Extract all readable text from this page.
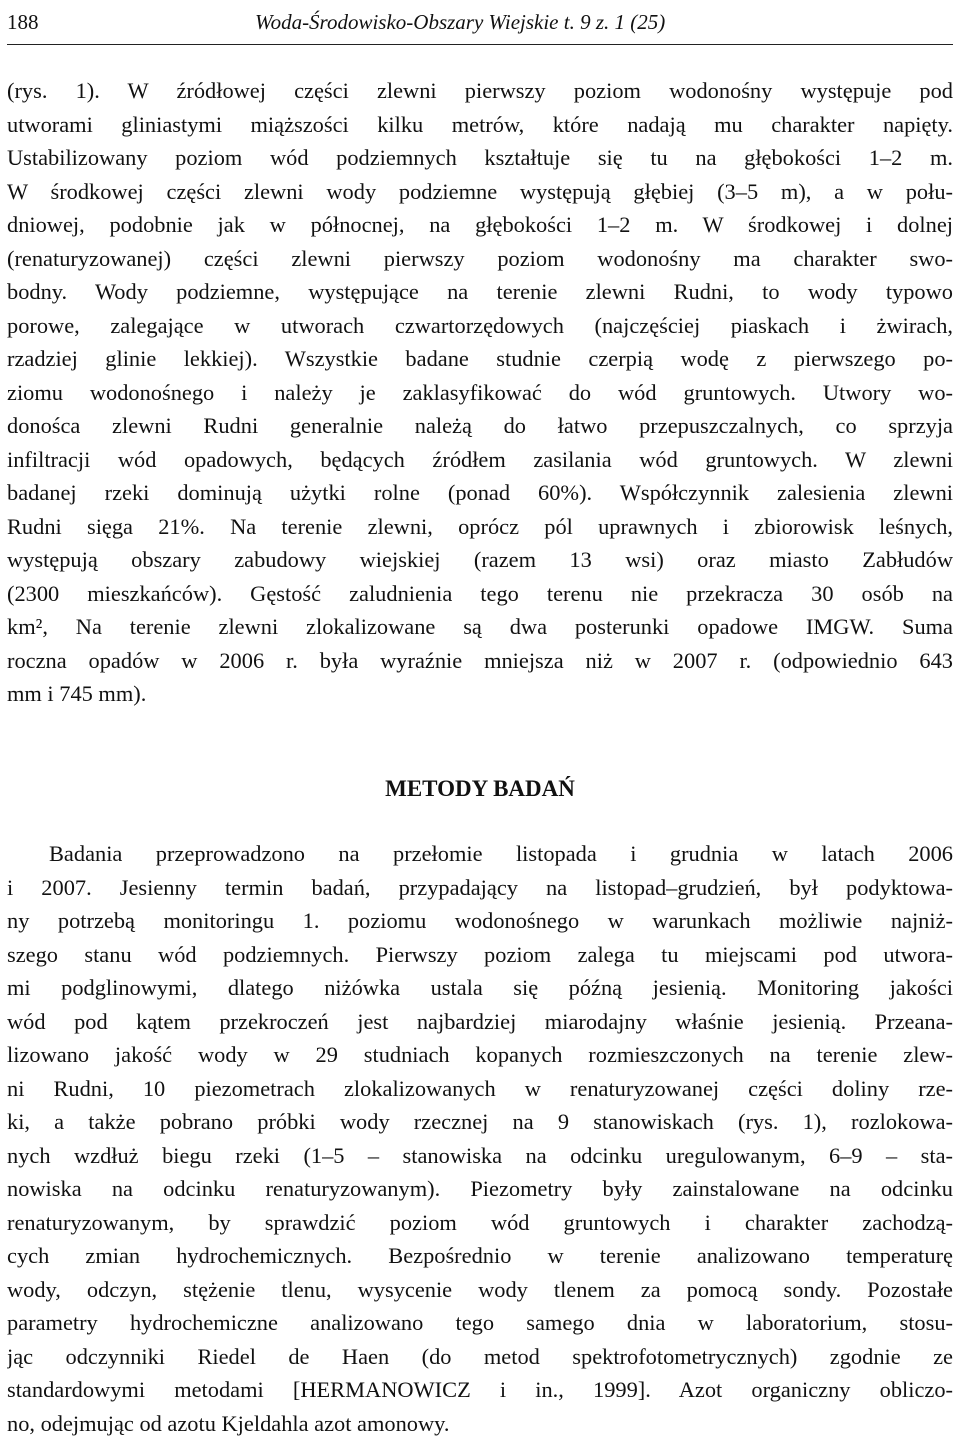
188	Woda-Środowisko-Obszary Wiejskie t. 9 z. 1 (25)
(rys. 1). W źródłowej części zlewni pierwszy poziom wodonośny występuje pod
utworami gliniastymi miąższości kilku metrów, które nadają mu charakter napięty.
Ustabilizowany poziom wód podziemnych kształtuje się tu na głębokości 1–2 m.
W środkowej części zlewni wody podziemne występują głębiej (3–5 m), a w połu-
dniowej, podobnie jak w północnej, na głębokości 1–2 m. W środkowej i dolnej
(renaturyzowanej) części zlewni pierwszy poziom wodonośny ma charakter swo-
bodny. Wody podziemne, występujące na terenie zlewni Rudni, to wody typowo
porowe, zalegające w utworach czwartorzędowych (najczęściej piaskach i żwirach,
rzadziej glinie lekkiej). Wszystkie badane studnie czerpią wodę z pierwszego po-
ziomu wodonośnego i należy je zaklasyfikować do wód gruntowych. Utwory wo-
donośca zlewni Rudni generalnie należą do łatwo przepuszczalnych, co sprzyja
infiltracji wód opadowych, będących źródłem zasilania wód gruntowych. W zlewni
badanej rzeki dominują użytki rolne (ponad 60%). Współczynnik zalesienia zlewni
Rudni sięga 21%. Na terenie zlewni, oprócz pól uprawnych i zbiorowisk leśnych,
występują obszary zabudowy wiejskiej (razem 13 wsi) oraz miasto Zabłudów
(2300 mieszkańców). Gęstość zaludnienia tego terenu nie przekracza 30 osób na
km², Na terenie zlewni zlokalizowane są dwa posterunki opadowe IMGW. Suma
roczna opadów w 2006 r. była wyraźnie mniejsza niż w 2007 r. (odpowiednio 643
mm i 745 mm).
METODY BADAŃ
Badania przeprowadzono na przełomie listopada i grudnia w latach 2006
i 2007. Jesienny termin badań, przypadający na listopad–grudzień, był podyktowa-
ny potrzebą monitoringu 1. poziomu wodonośnego w warunkach możliwie najniż-
szego stanu wód podziemnych. Pierwszy poziom zalega tu miejscami pod utwora-
mi podglinowymi, dlatego niżówka ustala się późną jesienią. Monitoring jakości
wód pod kątem przekroczeń jest najbardziej miarodajny właśnie jesienią. Przeana-
lizowano jakość wody w 29 studniach kopanych rozmieszczonych na terenie zlew-
ni Rudni, 10 piezometrach zlokalizowanych w renaturyzowanej części doliny rze-
ki, a także pobrano próbki wody rzecznej na 9 stanowiskach (rys. 1), rozlokowa-
nych wzdłuż biegu rzeki (1–5 – stanowiska na odcinku uregulowanym, 6–9 – sta-
nowiska na odcinku renaturyzowanym). Piezometry były zainstalowane na odcinku
renaturyzowanym, by sprawdzić poziom wód gruntowych i charakter zachodzą-
cych zmian hydrochemicznych. Bezpośrednio w terenie analizowano temperaturę
wody, odczyn, stężenie tlenu, wysycenie wody tlenem za pomocą sondy. Pozostałe
parametry hydrochemiczne analizowano tego samego dnia w laboratorium, stosu-
jąc odczynniki Riedel de Haen (do metod spektrofotometrycznych) zgodnie ze
standardowymi metodami [HERMANOWICZ i in., 1999]. Azot organiczny obliczo-
no, odejmując od azotu Kjeldahla azot amonowy.
